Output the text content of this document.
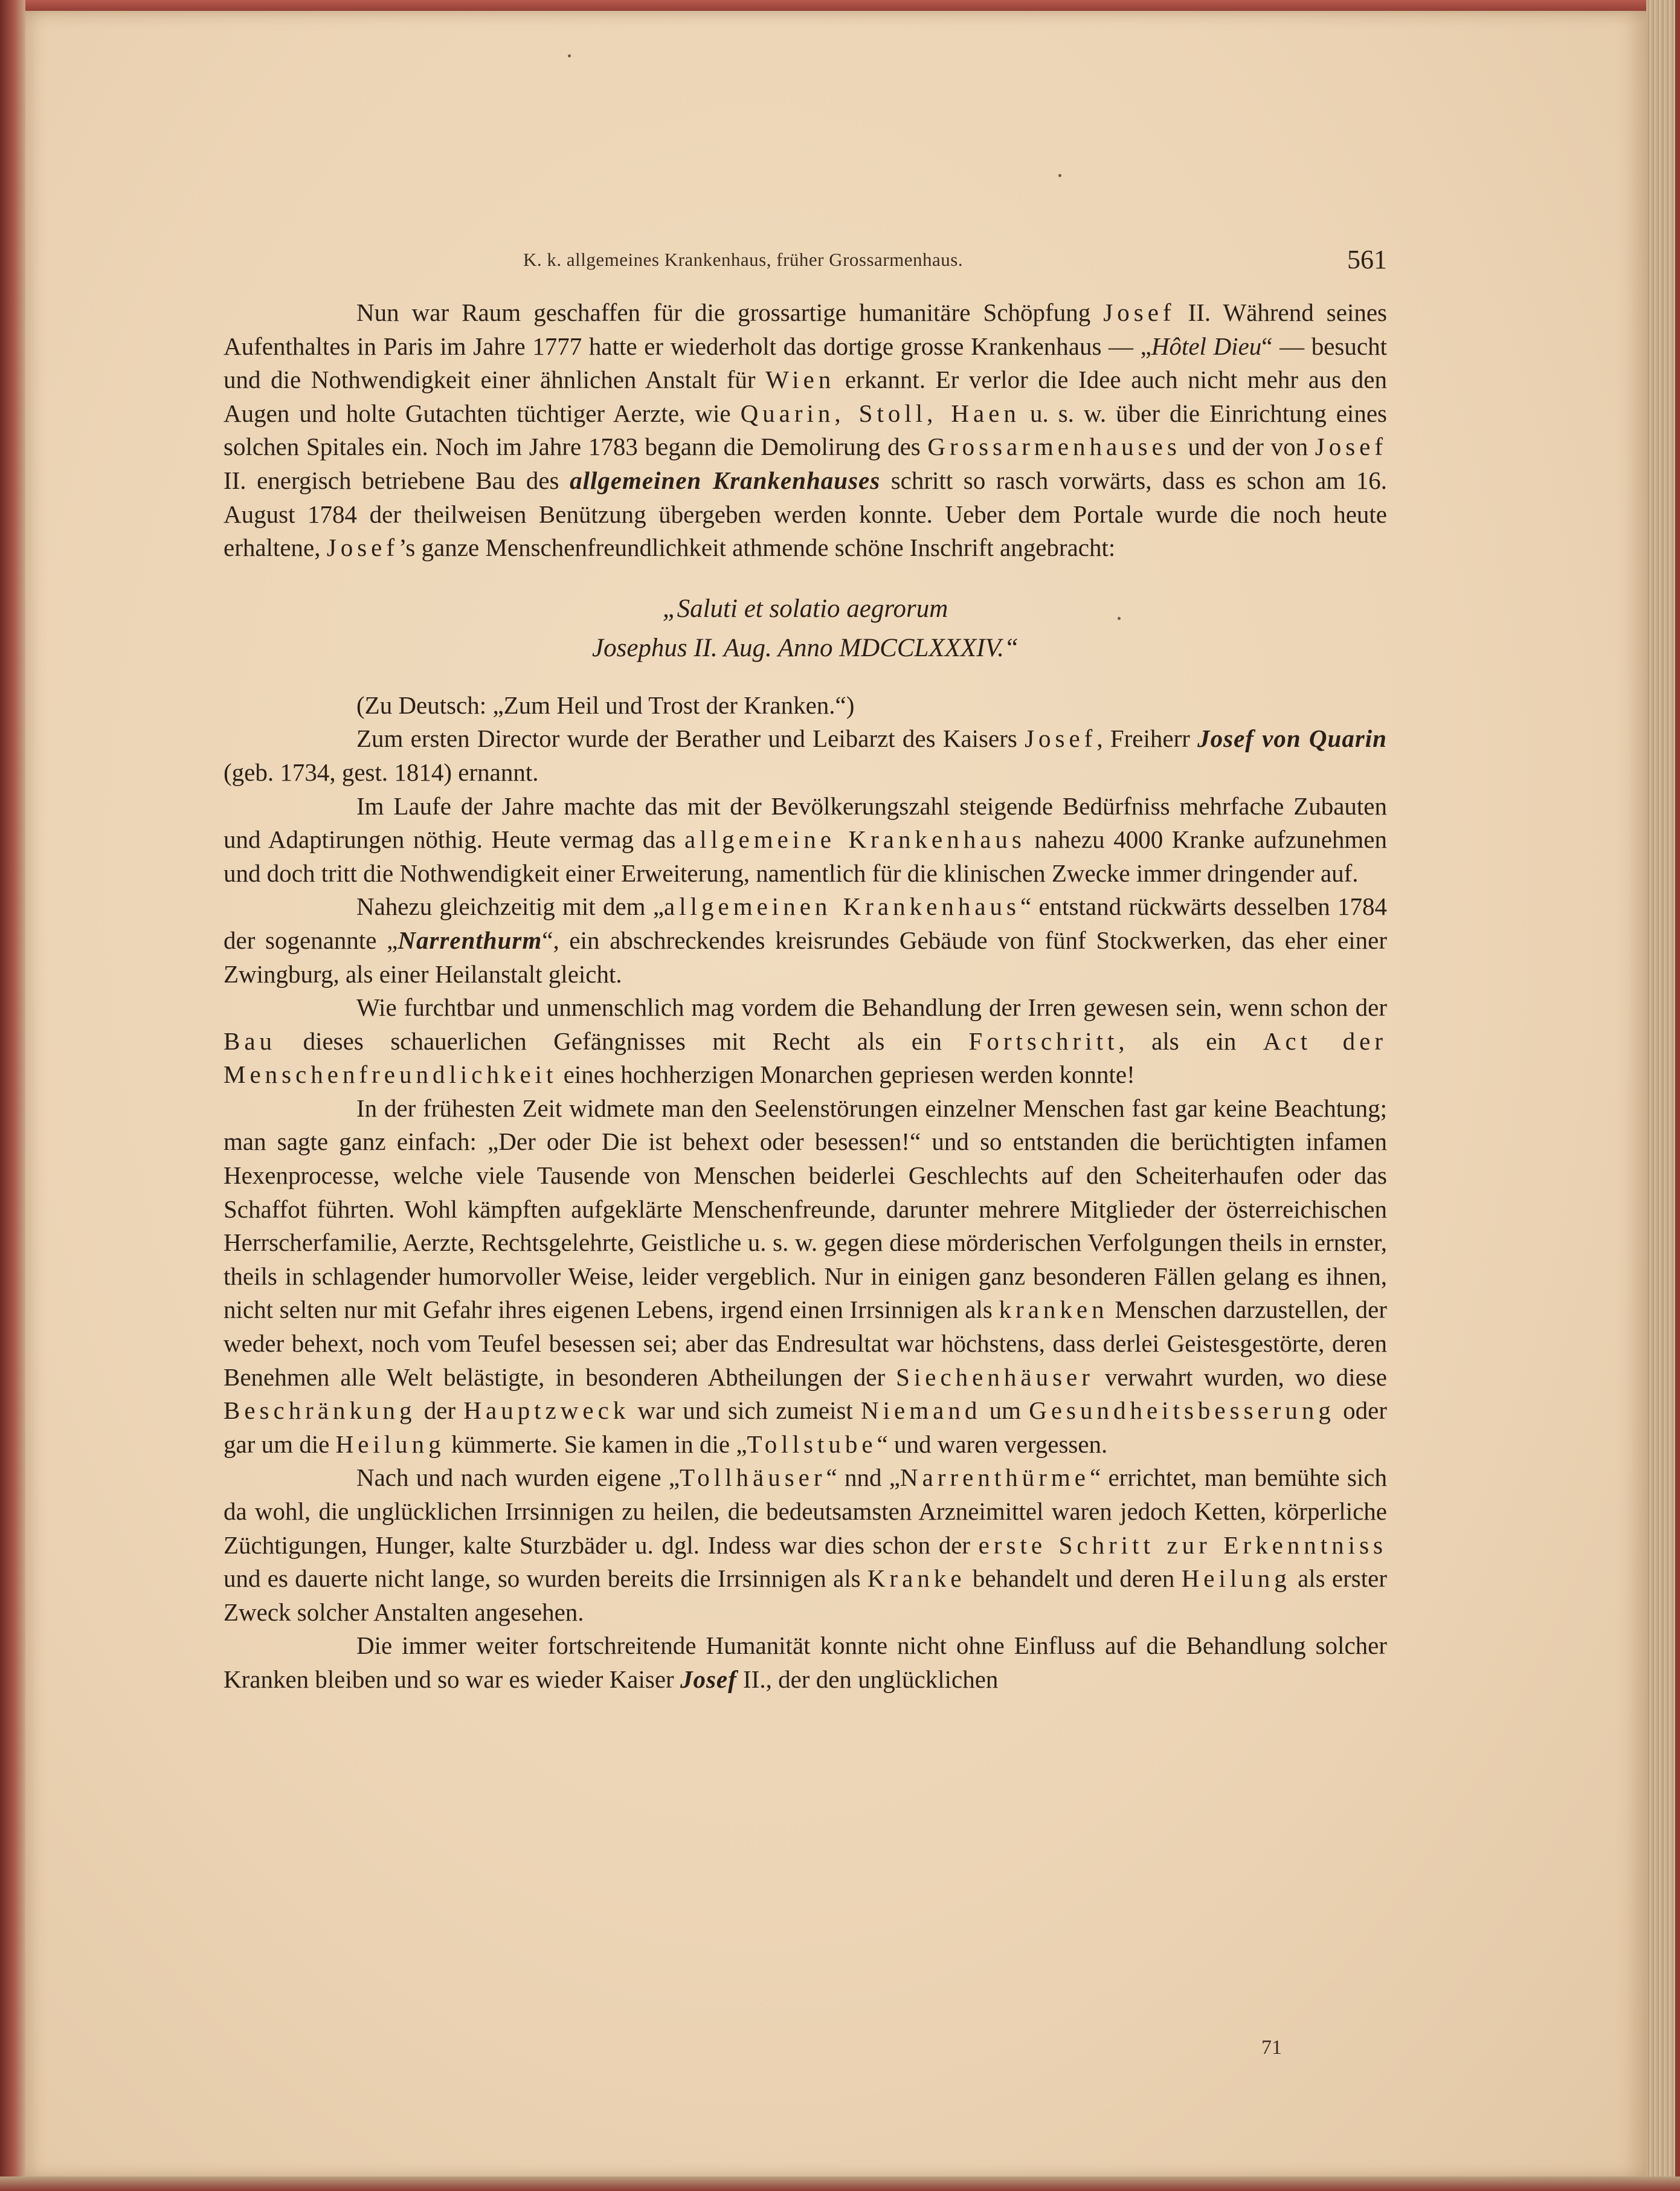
K. k. allgemeines Krankenhaus, früher Grossarmenhaus.	561

Nun war Raum geschaffen für die grossartige humanitäre Schöpfung Josef II. Während seines Aufenthaltes in Paris im Jahre 1777 hatte er wiederholt das dortige grosse Krankenhaus — „Hôtel Dieu“ — besucht und die Nothwendigkeit einer ähnlichen Anstalt für Wien erkannt. Er verlor die Idee auch nicht mehr aus den Augen und holte Gutachten tüchtiger Aerzte, wie Quarin, Stoll, Haen u. s. w. über die Einrichtung eines solchen Spitales ein. Noch im Jahre 1783 begann die Demolirung des Grossarmenhauses und der von Josef II. energisch betriebene Bau des allgemeinen Krankenhauses schritt so rasch vorwärts, dass es schon am 16. August 1784 der theilweisen Benützung übergeben werden konnte. Ueber dem Portale wurde die noch heute erhaltene, Josef’s ganze Menschenfreundlichkeit athmende schöne Inschrift angebracht:

„Saluti et solatio aegrorum
Josephus II. Aug. Anno MDCCLXXXIV.“

(Zu Deutsch: „Zum Heil und Trost der Kranken.“)

Zum ersten Director wurde der Berather und Leibarzt des Kaisers Josef, Freiherr Josef von Quarin (geb. 1734, gest. 1814) ernannt.

Im Laufe der Jahre machte das mit der Bevölkerungszahl steigende Bedürfniss mehrfache Zubauten und Adaptirungen nöthig. Heute vermag das allgemeine Krankenhaus nahezu 4000 Kranke aufzunehmen und doch tritt die Nothwendigkeit einer Erweiterung, namentlich für die klinischen Zwecke immer dringender auf.

Nahezu gleichzeitig mit dem „allgemeinen Krankenhaus“ entstand rückwärts desselben 1784 der sogenannte „Narrenthurm“, ein abschreckendes kreisrundes Gebäude von fünf Stockwerken, das eher einer Zwingburg, als einer Heilanstalt gleicht.

Wie furchtbar und unmenschlich mag vordem die Behandlung der Irren gewesen sein, wenn schon der Bau dieses schauerlichen Gefängnisses mit Recht als ein Fortschritt, als ein Act der Menschenfreundlichkeit eines hochherzigen Monarchen gepriesen werden konnte!

In der frühesten Zeit widmete man den Seelenstörungen einzelner Menschen fast gar keine Beachtung; man sagte ganz einfach: „Der oder Die ist behext oder besessen!“ und so entstanden die berüchtigten infamen Hexenprocesse, welche viele Tausende von Menschen beiderlei Geschlechts auf den Scheiterhaufen oder das Schaffot führten. Wohl kämpften aufgeklärte Menschenfreunde, darunter mehrere Mitglieder der österreichischen Herrscherfamilie, Aerzte, Rechtsgelehrte, Geistliche u. s. w. gegen diese mörderischen Verfolgungen theils in ernster, theils in schlagender humorvoller Weise, leider vergeblich. Nur in einigen ganz besonderen Fällen gelang es ihnen, nicht selten nur mit Gefahr ihres eigenen Lebens, irgend einen Irrsinnigen als kranken Menschen darzustellen, der weder behext, noch vom Teufel besessen sei; aber das Endresultat war höchstens, dass derlei Geistesgestörte, deren Benehmen alle Welt belästigte, in besonderen Abtheilungen der Siechenhäuser verwahrt wurden, wo diese Beschränkung der Hauptzweck war und sich zumeist Niemand um Gesundheitsbesserung oder gar um die Heilung kümmerte. Sie kamen in die „Tollstube“ und waren vergessen.

Nach und nach wurden eigene „Tollhäuser“ nnd „Narrenthürme“ errichtet, man bemühte sich da wohl, die unglücklichen Irrsinnigen zu heilen, die bedeutsamsten Arzneimittel waren jedoch Ketten, körperliche Züchtigungen, Hunger, kalte Sturzbäder u. dgl. Indess war dies schon der erste Schritt zur Erkenntniss und es dauerte nicht lange, so wurden bereits die Irrsinnigen als Kranke behandelt und deren Heilung als erster Zweck solcher Anstalten angesehen.

Die immer weiter fortschreitende Humanität konnte nicht ohne Einfluss auf die Behandlung solcher Kranken bleiben und so war es wieder Kaiser Josef II., der den unglücklichen

71
